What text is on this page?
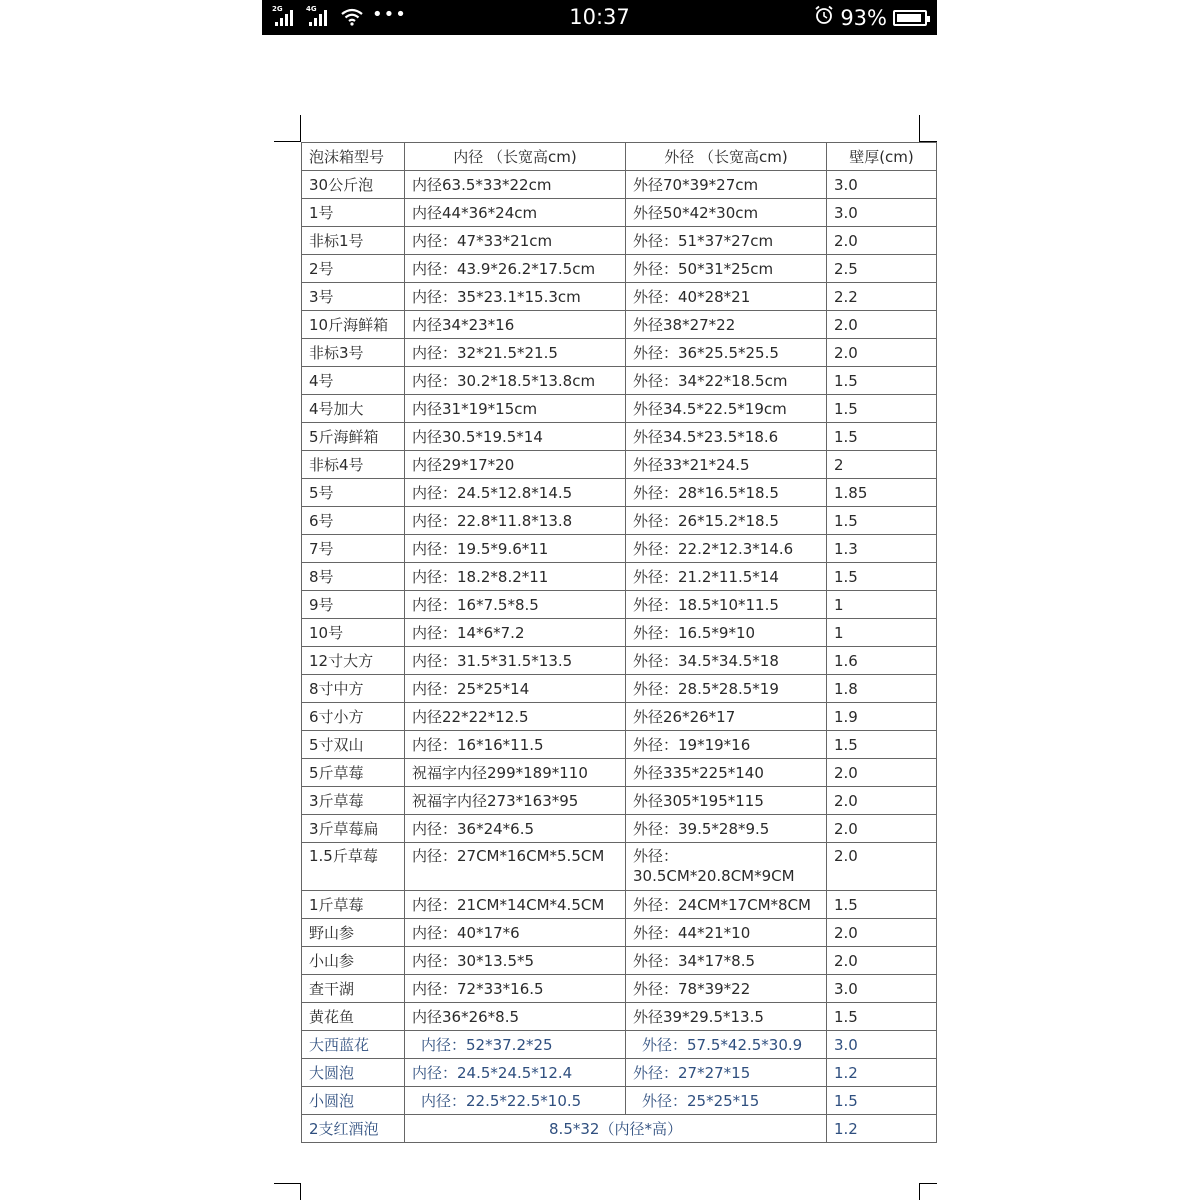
2G	4G	•••	10:37	93%
泡沫箱型号	内径 （长宽高cm)	外径 （长宽高cm)	壁厚(cm)
30公斤泡	内径63.5*33*22cm	外径70*39*27cm	3.0
1号	内径44*36*24cm	外径50*42*30cm	3.0
非标1号	内径：47*33*21cm	外径：51*37*27cm	2.0
2号	内径：43.9*26.2*17.5cm	外径：50*31*25cm	2.5
3号	内径：35*23.1*15.3cm	外径：40*28*21	2.2
10斤海鲜箱	内径34*23*16	外径38*27*22	2.0
非标3号	内径：32*21.5*21.5	外径：36*25.5*25.5	2.0
4号	内径：30.2*18.5*13.8cm	外径：34*22*18.5cm	1.5
4号加大	内径31*19*15cm	外径34.5*22.5*19cm	1.5
5斤海鲜箱	内径30.5*19.5*14	外径34.5*23.5*18.6	1.5
非标4号	内径29*17*20	外径33*21*24.5	2
5号	内径：24.5*12.8*14.5	外径：28*16.5*18.5	1.85
6号	内径：22.8*11.8*13.8	外径：26*15.2*18.5	1.5
7号	内径：19.5*9.6*11	外径：22.2*12.3*14.6	1.3
8号	内径：18.2*8.2*11	外径：21.2*11.5*14	1.5
9号	内径：16*7.5*8.5	外径：18.5*10*11.5	1
10号	内径：14*6*7.2	外径：16.5*9*10	1
12寸大方	内径：31.5*31.5*13.5	外径：34.5*34.5*18	1.6
8寸中方	内径：25*25*14	外径：28.5*28.5*19	1.8
6寸小方	内径22*22*12.5	外径26*26*17	1.9
5寸双山	内径：16*16*11.5	外径：19*19*16	1.5
5斤草莓	祝福字内径299*189*110	外径335*225*140	2.0
3斤草莓	祝福字内径273*163*95	外径305*195*115	2.0
3斤草莓扁	内径：36*24*6.5	外径：39.5*28*9.5	2.0
1.5斤草莓	内径：27CM*16CM*5.5CM	外径：30.5CM*20.8CM*9CM	2.0
1斤草莓	内径：21CM*14CM*4.5CM	外径：24CM*17CM*8CM	1.5
野山参	内径：40*17*6	外径：44*21*10	2.0
小山参	内径：30*13.5*5	外径：34*17*8.5	2.0
查干湖	内径：72*33*16.5	外径：78*39*22	3.0
黄花鱼	内径36*26*8.5	外径39*29.5*13.5	1.5
大西蓝花	内径：52*37.2*25	外径：57.5*42.5*30.9	3.0
大圆泡	内径：24.5*24.5*12.4	外径：27*27*15	1.2
小圆泡	内径：22.5*22.5*10.5	外径：25*25*15	1.5
2支红酒泡	8.5*32（内径*高）		1.2
